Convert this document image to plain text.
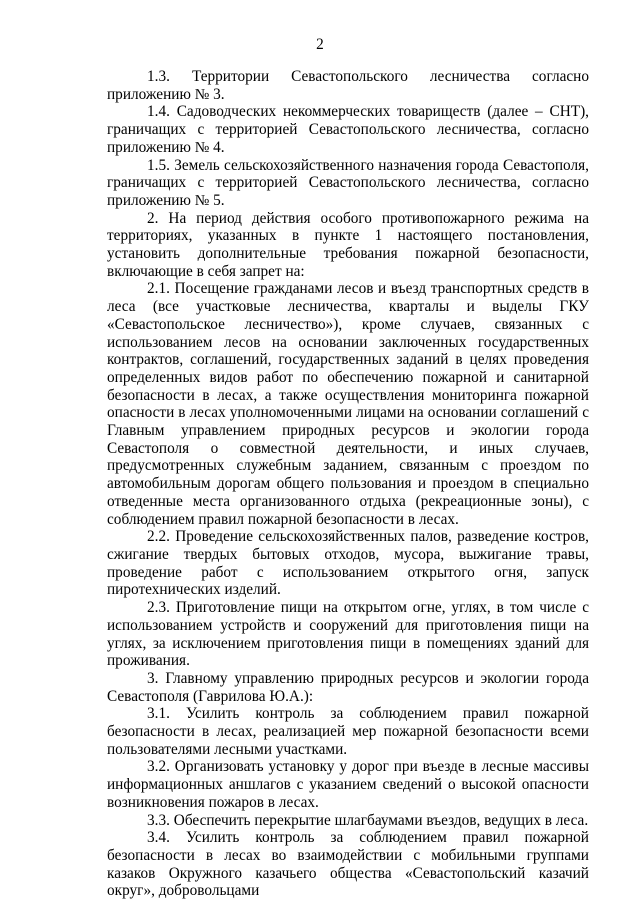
2

1.3. Территории Севастопольского лесничества согласно приложению № 3.

1.4. Садоводческих некоммерческих товариществ (далее – СНТ), граничащих с территорией Севастопольского лесничества, согласно приложению № 4.

1.5. Земель сельскохозяйственного назначения города Севастополя, граничащих с территорией Севастопольского лесничества, согласно приложению № 5.

2. На период действия особого противопожарного режима на территориях, указанных в пункте 1 настоящего постановления, установить дополнительные требования пожарной безопасности, включающие в себя запрет на:

2.1. Посещение гражданами лесов и въезд транспортных средств в леса (все участковые лесничества, кварталы и выделы ГКУ «Севастопольское лесничество»), кроме случаев, связанных с использованием лесов на основании заключенных государственных контрактов, соглашений, государственных заданий в целях проведения определенных видов работ по обеспечению пожарной и санитарной безопасности в лесах, а также осуществления мониторинга пожарной опасности в лесах уполномоченными лицами на основании соглашений с Главным управлением природных ресурсов и экологии города Севастополя о совместной деятельности, и иных случаев, предусмотренных служебным заданием, связанным с проездом по автомобильным дорогам общего пользования и проездом в специально отведенные места организованного отдыха (рекреационные зоны), с соблюдением правил пожарной безопасности в лесах.

2.2. Проведение сельскохозяйственных палов, разведение костров, сжигание твердых бытовых отходов, мусора, выжигание травы, проведение работ с использованием открытого огня, запуск пиротехнических изделий.

2.3. Приготовление пищи на открытом огне, углях, в том числе с использованием устройств и сооружений для приготовления пищи на углях, за исключением приготовления пищи в помещениях зданий для проживания.

3. Главному управлению природных ресурсов и экологии города Севастополя (Гаврилова Ю.А.):

3.1. Усилить контроль за соблюдением правил пожарной безопасности в лесах, реализацией мер пожарной безопасности всеми пользователями лесными участками.

3.2. Организовать установку у дорог при въезде в лесные массивы информационных аншлагов с указанием сведений о высокой опасности возникновения пожаров в лесах.

3.3. Обеспечить перекрытие шлагбаумами въездов, ведущих в леса.

3.4. Усилить контроль за соблюдением правил пожарной безопасности в лесах во взаимодействии с мобильными группами казаков Окружного казачьего общества «Севастопольский казачий округ», добровольцами
